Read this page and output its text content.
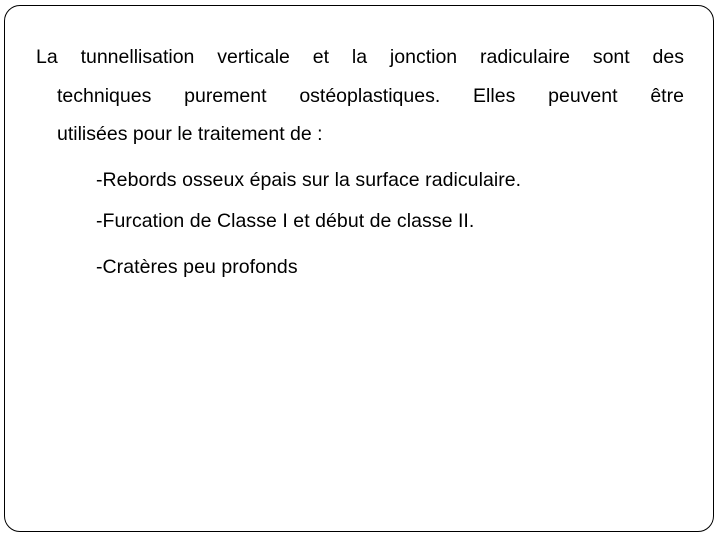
La tunnellisation verticale et la jonction radiculaire sont des
techniques purement ostéoplastiques. Elles peuvent être
utilisées pour le traitement de :
-Rebords osseux épais sur la surface radiculaire.
-Furcation de Classe I et début de classe II.
-Cratères peu profonds
